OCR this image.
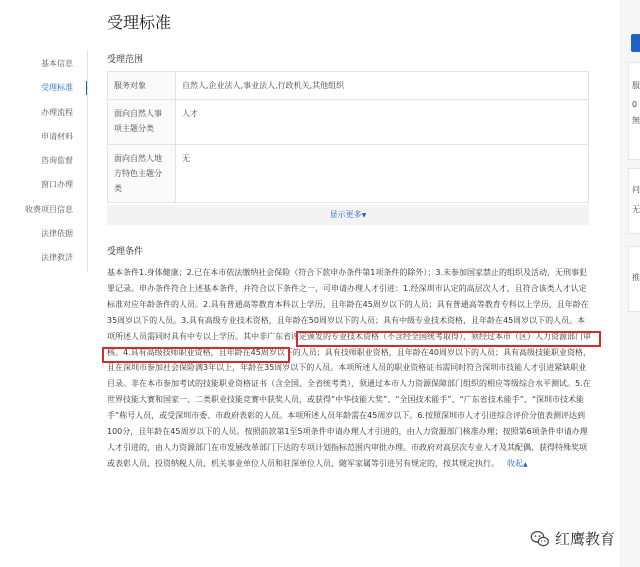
受理标准
基本信息
受理标准
办理流程
申请材料
咨询监督
窗口办理
收费项目信息
法律依据
法律救济
受理范围
服务对象	自然人,企业法人,事业法人,行政机关,其他组织
面向自然人事项主题分类	人才
面向自然人地方特色主题分类	无
显示更多▼
受理条件

基本条件1.身体健康；2.已在本市依法缴纳社会保险（符合下款申办条件第1项条件的除外）；3.未参加国家禁止的组织及活动，无刑事犯罪记录。申办条件符合上述基本条件，并符合以下条件之一，可申请办理人才引进：1.经深圳市认定的高层次人才，且符合该类人才认定标准对应年龄条件的人员。2.具有普通高等教育本科以上学历，且年龄在45周岁以下的人员；具有普通高等教育专科以上学历，且年龄在35周岁以下的人员。3.具有高级专业技术资格，且年龄在50周岁以下的人员；具有中级专业技术资格，且年龄在45周岁以下的人员。本项所述人员需同时具有中专以上学历。其中非广东省评定颁发的专业技术资格（不含经全国统考取得），须经过本市（区）人力资源部门审核。4.具有高级技师职业资格，且年龄在45周岁以下的人员；具有技师职业资格，且年龄在40周岁以下的人员；具有高级技能职业资格，且在深圳市参加社会保险满3年以上，年龄在35周岁以下的人员。本项所述人员的职业资格证书需同时符合深圳市技能人才引进紧缺职业目录。非在本市参加考试的技能职业资格证书（含全国、全省统考类），须通过本市人力资源保障部门组织的相应等级综合水平测试。5.在世界技能大赛和国家一、二类职业技能竞赛中获奖人员，或获得“中华技能大奖”、“全国技术能手”、“广东省技术能手”、“深圳市技术能手”称号人员，或受深圳市委、市政府表彰的人员。本项所述人员年龄需在45周岁以下。6.按照深圳市人才引进综合评价分值表测评达到100分，且年龄在45周岁以下的人员。按照前款第1至5项条件申请办理人才引进的，由人力资源部门核准办理；按照第6项条件申请办理人才引进的，由人力资源部门在市发展改革部门下达的专项计划指标范围内审批办理。市政府对高层次专业人才及其配偶、获得特殊奖项或表彰人员、投资纳税人员、机关事业单位人员和驻深单位人员、随军家属等引进另有规定的，按其规定执行。 收起▲

服
0
無
问
无
推
红鹰教育
